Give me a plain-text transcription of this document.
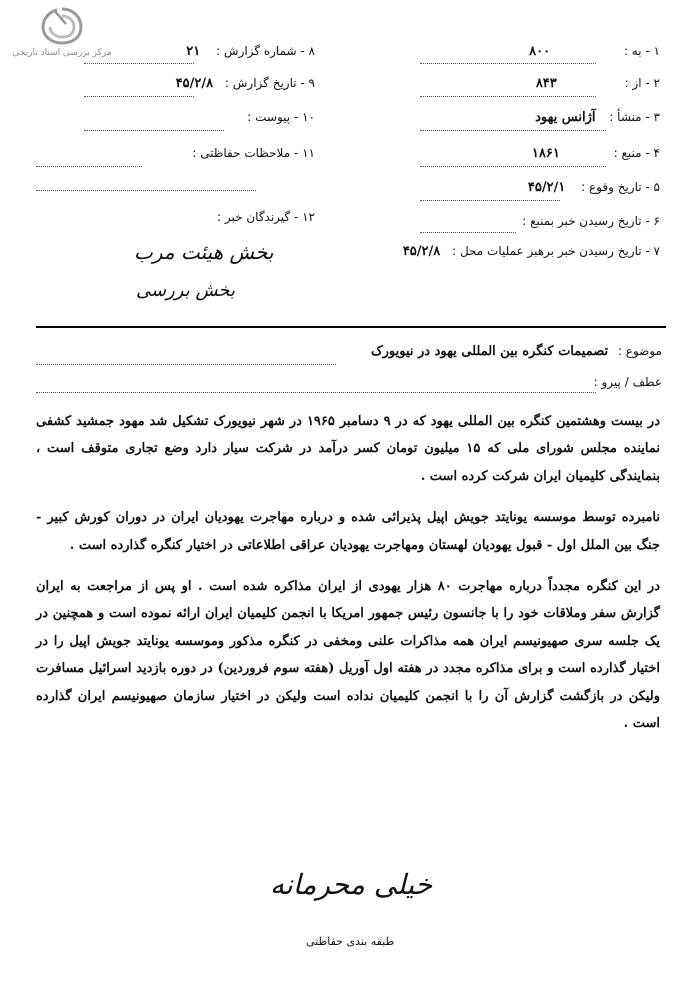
مرکز بررسی اسناد تاریخی	۱ - به : ۸۰۰
۲ - از : ۸۴۳
۳ - منشأ : آژانس یهود
۴ - منبع : ۱۸۶۱
۵ - تاریخ وقوع : ۴۵/۲/۱
۶ - تاریخ رسیدن خبر بمنبع :
۷ - تاریخ رسیدن خبر برهبر عملیات محل : ۴۵/۲/۸
۸ - شماره گزارش : ۲۱
۹ - تاریخ گزارش : ۴۵/۲/۸
۱۰ - پیوست :
۱۱ - ملاحظات حفاظتی :
۱۲ - گیرندگان خبر :
بخش هیئت مرب
بخش بررسی
موضوع : تصمیمات کنگره بین المللی یهود در نیویورک
عطف / پیرو :

در بیست وهشتمین کنگره بین المللی یهود که در ۹ دسامبر ۱۹۶۵ در شهر نیویورک تشکیل شد مهود جمشید کشفی نماینده مجلس شورای ملی که ۱۵ میلیون تومان کسر درآمد در شرکت سیار دارد وضع تجاری متوقف است ، بنمایندگی کلیمیان ایران شرکت کرده است .

نامبرده توسط موسسه یونایتد جویش اپیل پذیرائی شده و درباره مهاجرت یهودیان ایران در دوران کورش کبیر - جنگ بین الملل اول - قبول یهودیان لهستان ومهاجرت یهودیان عراقی اطلاعاتی در اختیار کنگره گذارده است .

در این کنگره مجدداً درباره مهاجرت ۸۰ هزار یهودی از ایران مذاکره شده است . او پس از مراجعت به ایران گزارش سفر وملاقات خود را با جانسون رئیس جمهور امریکا با انجمن کلیمیان ایران ارائه نموده است و همچنین در یک جلسه سری صهیونیسم ایران همه مذاکرات علنی ومخفی در کنگره مذکور وموسسه یونایتد جویش اپیل را در اختیار گذارده است و برای مذاکره مجدد در هفته اول آوریل (هفته سوم فروردین) در دوره بازدید اسرائیل مسافرت ولیکن در بازگشت گزارش آن را با انجمن کلیمیان نداده است ولیکن در اختیار سازمان صهیونیسم ایران گذارده است .

خیلی محرمانه
طبقه بندی حفاظتی
